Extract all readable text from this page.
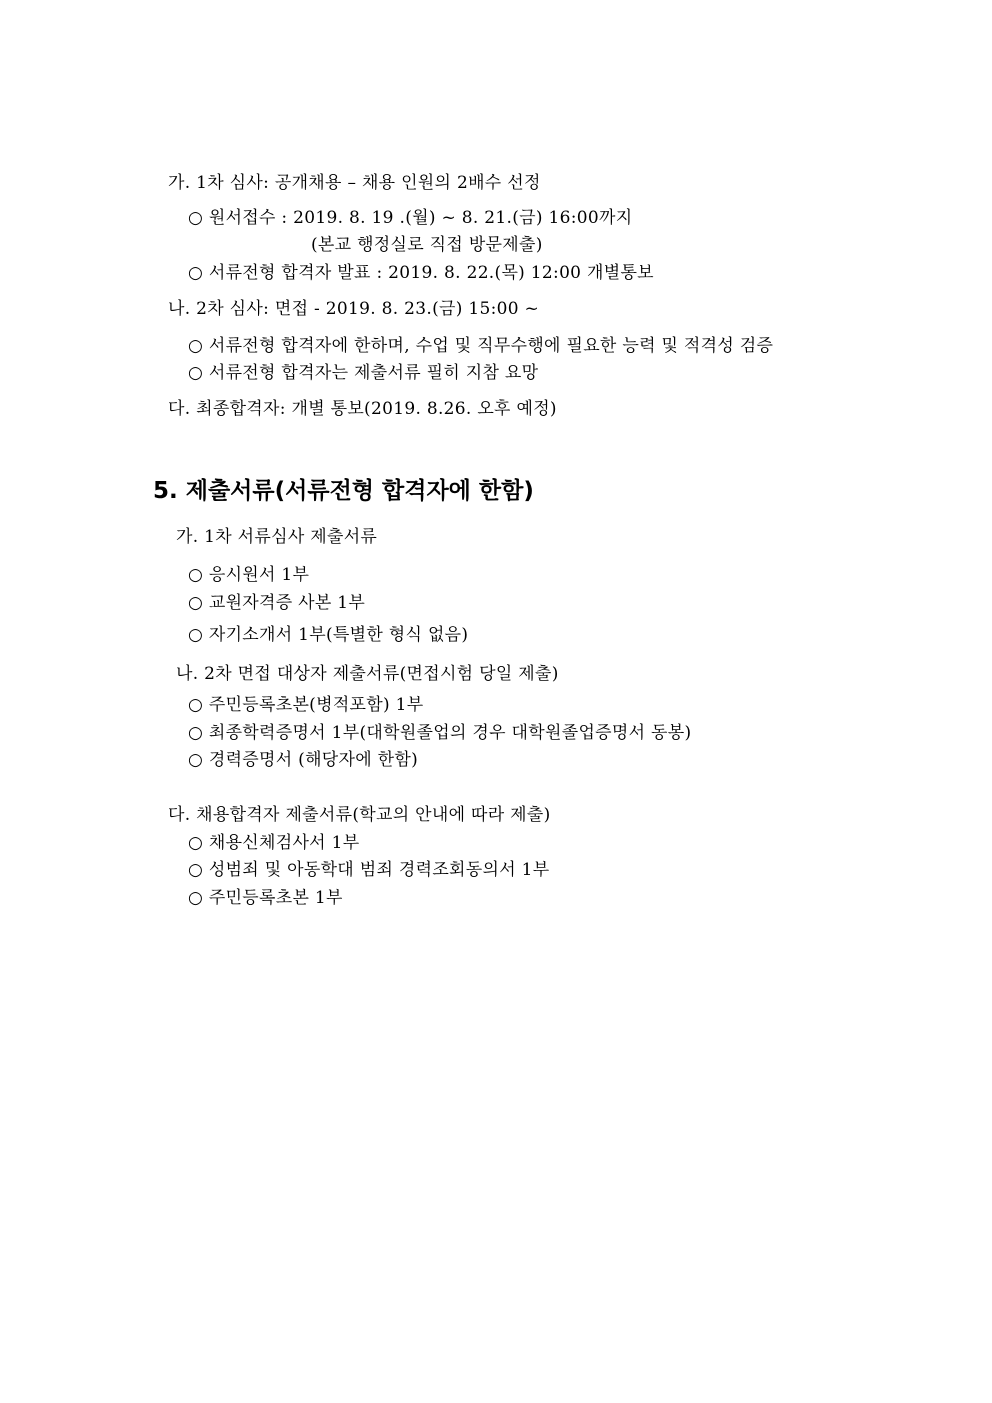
가. 1차 심사: 공개채용 – 채용 인원의 2배수 선정
○ 원서접수 : 2019. 8. 19 .(월) ~ 8. 21.(금) 16:00까지
(본교 행정실로 직접 방문제출)
○ 서류전형 합격자 발표 : 2019. 8. 22.(목) 12:00 개별통보
나. 2차 심사: 면접 - 2019. 8. 23.(금) 15:00 ~
○ 서류전형 합격자에 한하며, 수업 및 직무수행에 필요한 능력 및 적격성 검증
○ 서류전형 합격자는 제출서류 필히 지참 요망
다. 최종합격자: 개별 통보(2019. 8.26. 오후 예정)
5. 제출서류(서류전형 합격자에 한함)
가. 1차 서류심사 제출서류
○ 응시원서 1부
○ 교원자격증 사본 1부
○ 자기소개서 1부(특별한 형식 없음)
나. 2차 면접 대상자 제출서류(면접시험 당일 제출)
○ 주민등록초본(병적포함) 1부
○ 최종학력증명서 1부(대학원졸업의 경우 대학원졸업증명서 동봉)
○ 경력증명서 (해당자에 한함)
다. 채용합격자 제출서류(학교의 안내에 따라 제출)
○ 채용신체검사서 1부
○ 성범죄 및 아동학대 범죄 경력조회동의서 1부
○ 주민등록초본 1부
